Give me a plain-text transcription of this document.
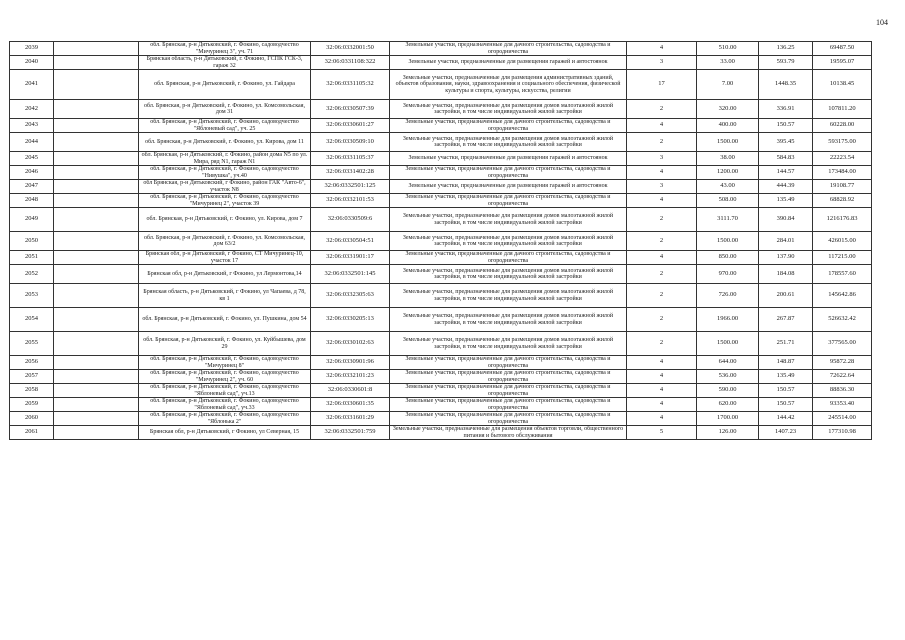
104
2039		обл. Брянская, р-н Дятьковский, г. Фокино, садоводчество "Мичуринец 3", уч. 71	32:06:0332001:50	Земельные участки, предназначенные для дачного строительства, садоводства и огородничества	4	510.00	136.25	69487.50
2040		Брянская область, р-н Дятьковский, г. Фокино, ГСПК ГСК-3, гараж 32	32:06:0331108:322	Земельные участки, предназначенные для размещения гаражей и автостоянок	3	33.00	593.79	19595.07
2041		обл. Брянская, р-н Дятьковский, г. Фокино, ул. Гайдара	32:06:0331105:32	Земельные участки, предназначенные для размещения административных зданий, объектов образования, науки, здравоохранения и социального обеспечения, физической культуры и спорта, культуры, искусства, религии	17	7.00	1448.35	10138.45
2042		обл. Брянская, р-н Дятьковский, г. Фокино, ул. Комсомольская, дом 31	32:06:0330507:39	Земельные участки, предназначенные для размещения домов малоэтажной жилой застройки, в том числе индивидуальной жилой застройки	2	320.00	336.91	107811.20
2043		обл. Брянская, р-н Дятьковский, г. Фокино, садоводчество "Яблоневый сад", уч. 25	32:06:0330601:27	Земельные участки, предназначенные для дачного строительства, садоводства и огородничества	4	400.00	150.57	60228.00
2044		обл. Брянская, р-н Дятьковский, г. Фокино, ул. Кирова, дом 11	32:06:0330509:10	Земельные участки, предназначенные для размещения домов малоэтажной жилой застройки, в том числе индивидуальной жилой застройки	2	1500.00	395.45	593175.00
2045		обл. Брянская, р-н Дятьковский, г. Фокино, район дома N5 по ул. Мира, ряд N1, гараж N1	32:06:0331105:37	Земельные участки, предназначенные для размещения гаражей и автостоянок	3	38.00	584.83	22223.54
2046		обл. Брянская, р-н Дятьковский, г. Фокино, садоводчество "Нивушка", уч.40	32:06:0331402:28	Земельные участки, предназначенные для дачного строительства, садоводства и огородничества	4	1200.00	144.57	173484.00
2047		обл Брянская, р-н Дятьковский, г Фокино, район ГАК "Авто-6", участок N8	32:06:0332501:125	Земельные участки, предназначенные для размещения гаражей и автостоянок	3	43.00	444.39	19108.77
2048		обл. Брянская, р-н Дятьковский, г. Фокино, садоводчество "Мичуринец 2", участок 39	32:06:0332101:53	Земельные участки, предназначенные для дачного строительства, садоводства и огородничества	4	508.00	135.49	68828.92
2049		обл. Брянская, р-н Дятьковский, г. Фокино, ул. Кирова, дом 7	32:06:0330509:6	Земельные участки, предназначенные для размещения домов малоэтажной жилой застройки, в том числе индивидуальной жилой застройки	2	3111.70	390.84	1216176.83
2050		обл. Брянская, р-н Дятьковский, г. Фокино, ул. Комсомольская, дом 63/2	32:06:0330504:51	Земельные участки, предназначенные для размещения домов малоэтажной жилой застройки, в том числе индивидуальной жилой застройки	2	1500.00	284.01	426015.00
2051		Брянская обл, р-н Дятьковский, г Фокино, СТ Мичуринец-10, участок 17	32:06:0331901:17	Земельные участки, предназначенные для дачного строительства, садоводства и огородничества	4	850.00	137.90	117215.00
2052		Брянская обл, р-н Дятьковский, г Фокино, ул Лермонтова,14	32:06:0332501:145	Земельные участки, предназначенные для размещения домов малоэтажной жилой застройки, в том числе индивидуальной жилой застройки	2	970.00	184.08	178557.60
2053		Брянская область, р-н Дятьковский, г Фокино, ул Чапаева, д 78, кв 1	32:06:0332305:63	Земельные участки, предназначенные для размещения домов малоэтажной жилой застройки, в том числе индивидуальной жилой застройки	2	726.00	200.61	145642.86
2054		обл. Брянская, р-н Дятьковский, г. Фокино, ул. Пушкина, дом 54	32:06:0330205:13	Земельные участки, предназначенные для размещения домов малоэтажной жилой застройки, в том числе индивидуальной жилой застройки	2	1966.00	267.87	526632.42
2055		обл. Брянская, р-н Дятьковский, г. Фокино, ул. Куйбышева, дом 29	32:06:0330102:63	Земельные участки, предназначенные для размещения домов малоэтажной жилой застройки, в том числе индивидуальной жилой застройки	2	1500.00	251.71	377565.00
2056		обл. Брянская, р-н Дятьковский, г. Фокино, садоводчество "Мичуринец 8"	32:06:0330901:96	Земельные участки, предназначенные для дачного строительства, садоводства и огородничества	4	644.00	148.87	95872.28
2057		обл. Брянская, р-н Дятьковский, г. Фокино, садоводчество "Мичуринец 2", уч. 60	32:06:0332101:23	Земельные участки, предназначенные для дачного строительства, садоводства и огородничества	4	536.00	135.49	72622.64
2058		обл. Брянская, р-н Дятьковский, г. Фокино, садоводчество "Яблоневый сад", уч.13	32:06:0330601:8	Земельные участки, предназначенные для дачного строительства, садоводства и огородничества	4	590.00	150.57	88836.30
2059		обл. Брянская, р-н Дятьковский, г. Фокино, садоводчество "Яблоневый сад", уч.33	32:06:0330601:35	Земельные участки, предназначенные для дачного строительства, садоводства и огородничества	4	620.00	150.57	93353.40
2060		обл. Брянская, р-н Дятьковский, г. Фокино, садоводчество "Яблонька 2"	32:06:0331601:29	Земельные участки, предназначенные для дачного строительства, садоводства и огородничества	4	1700.00	144.42	245514.00
2061		Брянская обл, р-н Дятьковский, г Фокино, ул Северная, 15	32:06:0332501:759	Земельные участки, предназначенные для размещения объектов торговли, общественного питания и бытового обслуживания	5	126.00	1407.23	177310.98
